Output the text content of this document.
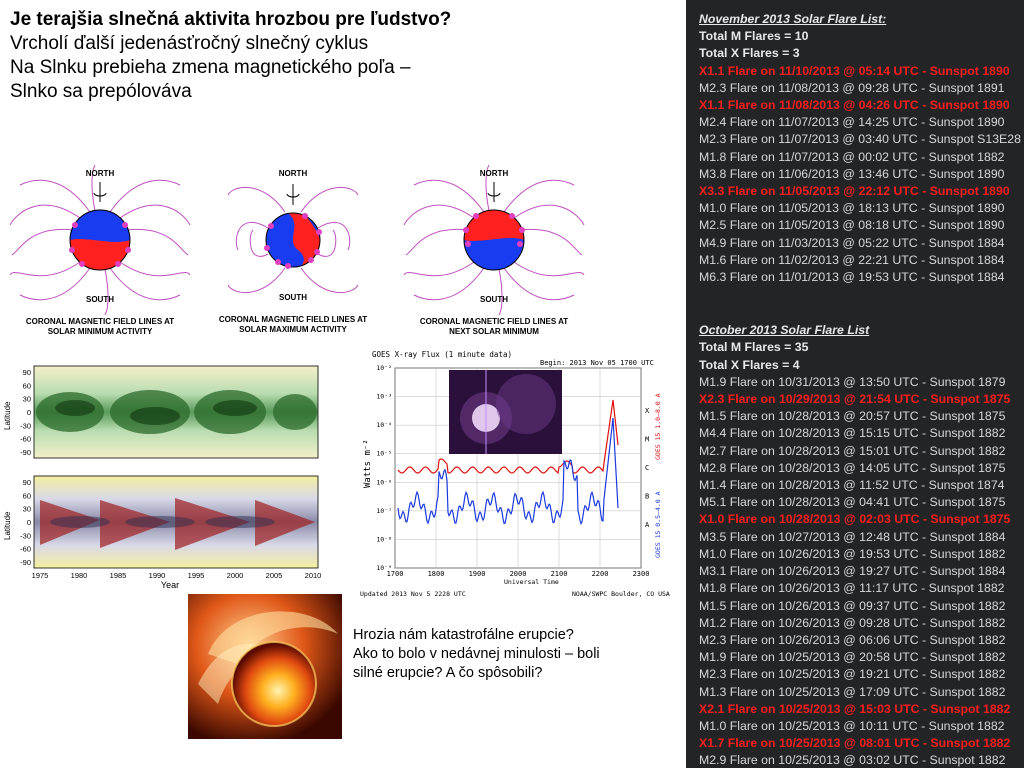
Je terajšia slnečná aktivita hrozbou pre ľudstvo?
Vrcholí ďalší jedenásťročný slnečný cyklus
Na Slnku prebieha zmena magnetického poľa –
Slnko sa prepólováva
NORTH
SOUTH
CORONAL MAGNETIC FIELD LINES AT
SOLAR MINIMUM ACTIVITY
NORTH
SOUTH
CORONAL MAGNETIC FIELD LINES AT
SOLAR MAXIMUM ACTIVITY
NORTH
SOUTH
CORONAL MAGNETIC FIELD LINES AT
NEXT SOLAR MINIMUM
Latitude
Latitude
90
60
30
0
-30
-60
-90
90
60
30
0
-30
-60
-90
1975	1980	1985	1990	1995	2000	2005	2010
Year
GOES X-ray Flux (1 minute data)
Begin: 2013 Nov 05 1700 UTC
Watts m⁻²
10⁻²
10⁻³
10⁻⁴
10⁻⁵
10⁻⁶
10⁻⁷
10⁻⁸
10⁻⁹
1700	1800	1900	2000	2100	2200	2300
X
M
C
B
A
Universal Time
GOES 15 1.0–8.0 A
GOES 15 0.5–4.0 A
Updated 2013 Nov 5 2228 UTC	NOAA/SWPC Boulder, CO USA
Hrozia nám katastrofálne erupcie?
Ako to bolo v nedávnej minulosti – boli
silné erupcie? A čo spôsobili?
November 2013 Solar Flare List:
Total M Flares = 10
Total X Flares = 3
X1.1 Flare on 11/10/2013 @ 05:14 UTC - Sunspot 1890
M2.3 Flare on 11/08/2013 @ 09:28 UTC - Sunspot 1891
X1.1 Flare on 11/08/2013 @ 04:26 UTC - Sunspot 1890
M2.4 Flare on 11/07/2013 @ 14:25 UTC - Sunspot 1890
M2.3 Flare on 11/07/2013 @ 03:40 UTC - Sunspot S13E28
M1.8 Flare on 11/07/2013 @ 00:02 UTC - Sunspot 1882
M3.8 Flare on 11/06/2013 @ 13:46 UTC - Sunspot 1890
X3.3 Flare on 11/05/2013 @ 22:12 UTC - Sunspot 1890
M1.0 Flare on 11/05/2013 @ 18:13 UTC - Sunspot 1890
M2.5 Flare on 11/05/2013 @ 08:18 UTC - Sunspot 1890
M4.9 Flare on 11/03/2013 @ 05:22 UTC - Sunspot 1884
M1.6 Flare on 11/02/2013 @ 22:21 UTC - Sunspot 1884
M6.3 Flare on 11/01/2013 @ 19:53 UTC - Sunspot 1884
October 2013 Solar Flare List
Total M Flares = 35
Total X Flares = 4
M1.9 Flare on 10/31/2013 @ 13:50 UTC - Sunspot 1879
X2.3 Flare on 10/29/2013 @ 21:54 UTC - Sunspot 1875
M1.5 Flare on 10/28/2013 @ 20:57 UTC - Sunspot 1875
M4.4 Flare on 10/28/2013 @ 15:15 UTC - Sunspot 1882
M2.7 Flare on 10/28/2013 @ 15:01 UTC - Sunspot 1882
M2.8 Flare on 10/28/2013 @ 14:05 UTC - Sunspot 1875
M1.4 Flare on 10/28/2013 @ 11:52 UTC - Sunspot 1874
M5.1 Flare on 10/28/2013 @ 04:41 UTC - Sunspot 1875
X1.0 Flare on 10/28/2013 @ 02:03 UTC - Sunspot 1875
M3.5 Flare on 10/27/2013 @ 12:48 UTC - Sunspot 1884
M1.0 Flare on 10/26/2013 @ 19:53 UTC - Sunspot 1882
M3.1 Flare on 10/26/2013 @ 19:27 UTC - Sunspot 1884
M1.8 Flare on 10/26/2013 @ 11:17 UTC - Sunspot 1882
M1.5 Flare on 10/26/2013 @ 09:37 UTC - Sunspot 1882
M1.2 Flare on 10/26/2013 @ 09:28 UTC - Sunspot 1882
M2.3 Flare on 10/26/2013 @ 06:06 UTC - Sunspot 1882
M1.9 Flare on 10/25/2013 @ 20:58 UTC - Sunspot 1882
M2.3 Flare on 10/25/2013 @ 19:21 UTC - Sunspot 1882
M1.3 Flare on 10/25/2013 @ 17:09 UTC - Sunspot 1882
X2.1 Flare on 10/25/2013 @ 15:03 UTC - Sunspot 1882
M1.0 Flare on 10/25/2013 @ 10:11 UTC - Sunspot 1882
X1.7 Flare on 10/25/2013 @ 08:01 UTC - Sunspot 1882
M2.9 Flare on 10/25/2013 @ 03:02 UTC - Sunspot 1882
